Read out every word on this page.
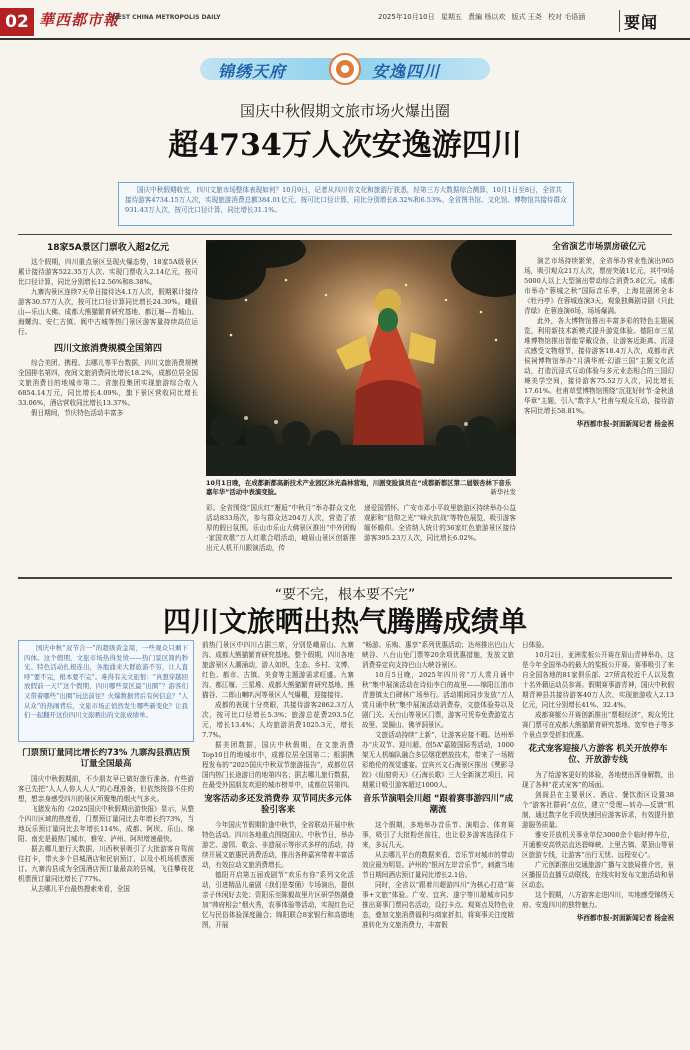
02 華西都市報
WEST CHINA METROPOLIS DAILY	2025年10月10日 星期五 責編 杨以欢 版式 王尧 校对 毛语涵 要闻
锦绣天府	安逸四川
国庆中秋假期文旅市场火爆出圈
超4734万人次安逸游四川
国庆中秋假期收官，四川文旅市场整体表现如何？10月9日，记者从四川省文化和旅游厅获悉，经第三方大数据综合测算，10月1日至8日，全省共接待游客4734.15万人次，实现旅游消费总额384.01亿元，按可比口径计算，同比分别增长8.32%和6.53%。全省图书馆、文化馆、博物馆共接待群众931.43万人次，按可比口径计算，同比增长31.1%。
18家5A景区门票收入超2亿元

这个假期，四川重点景区呈现火爆态势，18家5A级景区累计接待游客522.35万人次、实现门票收入2.14亿元，按可比口径计算，同比分别增长12.56%和8.38%。

九寨沟景区连续7天单日接待达4.1万人次，假期累计接待游客30.57万人次，按可比口径计算同比增长24.39%。峨眉山—乐山大佛、成都大熊猫繁育研究基地、都江堰—青城山、海螺沟、安仁古镇、阆中古城等热门景区游客量持续高位运行。

四川文旅消费规模全国第四

综合美团、携程、去哪儿等平台数据，四川文旅消费规模全国排名第四，夜间文旅消费同比增长18.2%，成都位居全国文旅消费目的地城市第二。省旅投集团实现旅游综合收入6854.14万元，同比增长4.09%，旗下景区营收同比增长33.06%，酒店营收同比增长13.37%。

假日期间，节庆特色活动丰富多

10月1日晚，在成都新都高新技术产业园区沐光森林营地，川剧变脸演员在“成都新都区第二届银杏林下音乐嘉年华”活动中表演变脸。	新华社发

彩。全省围绕“国庆红”邂逅“中秋月”举办群众文化活动833场次，参与群众达204万人次，营造了浓厚的假日氛围。乐山市乐山大佛景区推出“中外团购·家国欢歌”万人红歌合唱活动，峨眉山景区创新推出元人机开川跟演活动，传

递爱国情怀。广安市邓小平故里旅游区持续举办公益观影和“信仰之光”“峰火抗战”等特色展览，吸引游客缅怀瞻仰。全省纳入统计的36家红色旅游景区接待游客395.23万人次，同比增长6.02%。

全省演艺市场票房破亿元

演艺市场持续繁荣，全省举办营业性演出965场，吸引观众21万人次，票房突破1亿元，其中9场5000人以上大型演出带动综合消费5.8亿元。成都市举办“蓉城之秋”国际音乐季，上海昆剧团全本《牡丹亭》在蓉城连演3天，观象独舞剧诗剧《只此青绿》在蓉连演6场，场场爆满。

此外，各大博物馆推出丰富多彩的特色主题展览，利用新技术新模式提升游览体验。德阳市三星堆博物馆推出智能穿戴设备，让游客近距离、沉浸式感受文物细节，接待游客18.4万人次，成都市武侯祠博物馆举办“月满华庭·幻游三国”主题文化活动，打造沉浸式互动体验与多元业态相合的三国幻境美学空间，接待游客75.52万人次，同比增长17.61%。杜甫草堂博物馆围绕“沉花好时节·金秋逍华章”主题，引入“数字人”杜甫与观众互动，接待游客同比增长58.81%。

华西都市报-封面新闻记者 杨金祝
“要不完，根本要不完”
四川文旅晒出热气腾腾成绩单

国庆中秋“双节合一”的超级黄金周，一些观众只剩下四体。这个假期，文旅市场热得发烫——热门景区简约秒光、特色活动扎根连出，各地涌来大群旅游不穷，让人直呼“要不完，根本要不完”。难得有关文旅恨：“真想穿越回放假前一天!”这个假期，四川哪些景区最“出圈”？游客们又带着哪些“出圈”玩法前往？火爆数据背后有何信息？“人从众”的热闹背后，文旅市场正悄然发生哪些新变化？让我们一起翻开这份四川文旅晒出的文旅成绩单。

门票预订量同比增长约73% 九寨沟县酒店预订量全国最高

国庆中秋假期前，不少朋友早已做好旅行准备。有些游客已先把“人人人你人人人”的心理准备，但依然按捺不住的想，想亲身感受四川的景区所聚集的烟火气多火。

飞猪发布的《2025国庆中秋假期出游快报》显示，从整个四川区域的热度看，门票预订量同比去年增长约73%，当地玩乐预订量同比去年增长114%，成都、阿坝、乐山、绵阳、南充是最热门城市，雅安、泸州、阿坝增速最快。

据去哪儿旅行大数据，川西秋景吸引了大批游客自驾前往打卡，带火多个县城酒店和民宿预订，以及小机场机票预订。九寨沟县成为全国酒店预订量最高的县城，飞往攀枝花机票预订量同比增长了77%。

从去哪儿平台最热搜索来看，全国

前热门景区中四川占据三席，分别是峨眉山、九寨沟、成都大熊猫繁育研究基地。整个假期，四川各地旅游景区人潮涌动，游人如织，生态、乡村、文博、红色、都市、古镇、美食等主题游需求旺盛。九寨沟、都江堰、三星堆、成都大熊猫繁育研究基地、熊猫谷、二郎山喇叭河等景区人气爆棚，迎接接待。

成都的表现十分亮眼，共接待游客2862.3万人次，按可比口径增长5.3%；旅游总花费293.5亿元，增长13.4%；人均旅游消费1025.3元，增长7.7%。

据美团数据，国庆中秋假期，在文旅消费Top10目的地城市中，成都位居全国第二；根据携程发布的“2025国庆中秋双节旅游报告”，成都位居国内热门长途游目的地第四名；据去哪儿旅行数据，在最受外国朋友欢迎的城市榜单中，成都位居第四。

宠客活动多还发消费券 双节同庆多元体验引客来

今年国庆节假期阶逢中秋节，全省联动开展中秋特色活动。四川各地重点围绕国庆、中秋节日，举办游艺、游园、歌会、非遗展示等形式多样的活动，持续开展文旅惠民消费活动，推出各种嘉宾带着丰富活动，有效拉动文旅消费增长。

德阳开启第五届戏剧节“欢乐有你”系列文化活动，引进精品儿童剧《我们是秦俑》专场演出，提供亲子休闲好去处；资阳乐至陈毅故里片区研学热潮叠加“帅府相会”烟火秀，农事体验等活动，实现红色记忆与民俗体验深度融合；绵阳联合8家银行和高德地图，开展

“畅游、乐购、惠享”系列优惠活动；达州推出巴山大峡谷、八台山免门票等20余项优惠措施，发放文旅消费券定向支持巴山大峡谷景区。

10月5日晚，2025年四川省“万人赏月诵中秋”集中展演活动在诗仙李白的故里——绵阳江油市青莲镇太白碑林广场举行。活动期间同步发放“万人赏月诵中秋”集中展演活动消费券，文旅体验券以及剧门关、天台山等景区门票，游客可凭券免费游览古故里、窦圌山、佛爷洞景区。

文旅活动持续“上新”，让游客应接不暇。达州举办“庆双节、迎川超、创5A”嘉陵国际秀活动，1000架无人机编队融合多层烟花燃放技术，带来了一场精彩绝伦的视觉盛宴。宜宾兴文石海景区推出《僰影寻踪》《仙窟荷天》《石海长歌》三大全新演艺项目，同期累计吸引游客超过1000人。

音乐节演唱会川超 “跟着赛事游四川”成潮流

这个假期，多地举办音乐节、演唱会、体育赛事，吸引了大批粉丝前往，也让很多游客选择住下来，多玩几天。

从去哪儿平台的数据来看，音乐节对城市的带动效应最为明显。泸州的“银河左岸音乐节”，刺激当地节日期间酒店预订量同比增长2.1倍。

同时，全省以“跟着川超游四川”为核心打造“赛事+文旅”体验。广安、宜宾、遂宁等川超城市同步推出赛事门票同名活动，设打卡点、观赛点及特色业态，叠加文旅消费福利与商家折扣，将赛事关注度精准转化为文旅消费力，丰富假

日体验。

10月2日，亚洲浆板公开赛在眉山青神举办，这是今年全国举办的最大的桨板公开赛。赛事吸引了来自全国各地的81家俱乐部、27所高校近千人以及数十名外籍运动员参赛。假期赛事游青神，国庆中秋假期青神县共接待游客40万人次，实现旅游收入2.13亿元，同比分别增长41%、32.4%。

成都赛艇公开赛创新推出“票根经济”，观众凭比赛门票可在成都大熊猫繁育研究基地、宽窄巷子等多个景点享受折扣优惠。

花式宠客迎接八方游客 机关开放停车位、开放游专线

为了给游客更好的体验，各地使出浑身解数，出现了各种“花式宠客”的场面。

剑阁县在主要景区、酒店、餐饮街区设置38个“游客社群码”点位，建立“受理—转办—反馈”机制，通过数字化手段快速回应游客诉求，有效提升旅游服务质量。

雅安开放机关事业单位3000余个临时停车位，开通雅安高铁站直达碧峰峡、上里古镇、蒙顶山等景区旅游专线，让游客“出行无忧、远程安心”。

广元创新推出交通旅游广播与文旅局推介官，景区播报员直播互动联线，在线实时发布文旅活动和景区动态。

这个假期，八方游客走进四川，实地感受锦绣天府、安逸四川的独特魅力。

华西都市报-封面新闻记者 杨金祝
